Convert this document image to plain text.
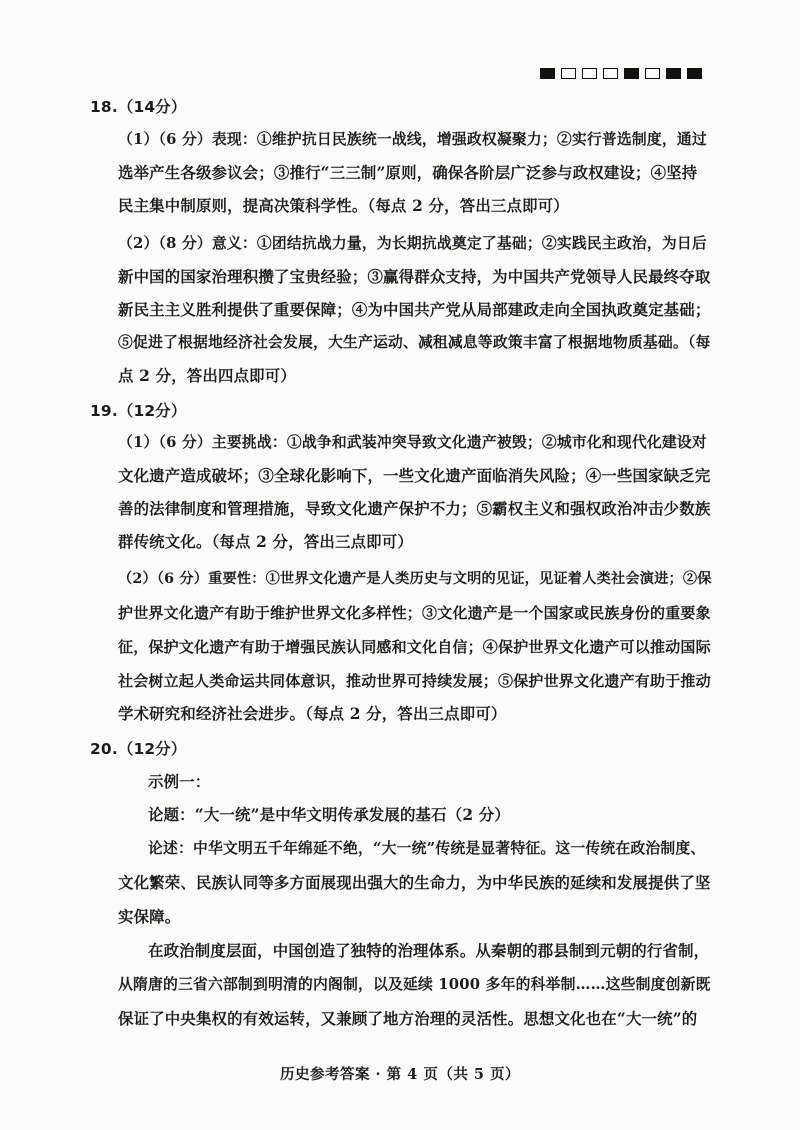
18.（14分）
（1）（6 分）表现：①维护抗日民族统一战线，增强政权凝聚力；②实行普选制度，通过
选举产生各级参议会；③推行“三三制”原则，确保各阶层广泛参与政权建设；④坚持
民主集中制原则，提高决策科学性。（每点 2 分，答出三点即可）
（2）（8 分）意义：①团结抗战力量，为长期抗战奠定了基础；②实践民主政治，为日后
新中国的国家治理积攒了宝贵经验；③赢得群众支持，为中国共产党领导人民最终夺取
新民主主义胜利提供了重要保障；④为中国共产党从局部建政走向全国执政奠定基础；
⑤促进了根据地经济社会发展，大生产运动、减租减息等政策丰富了根据地物质基础。（每
点 2 分，答出四点即可）
19.（12分）
（1）（6 分）主要挑战：①战争和武装冲突导致文化遗产被毁；②城市化和现代化建设对
文化遗产造成破坏；③全球化影响下，一些文化遗产面临消失风险；④一些国家缺乏完
善的法律制度和管理措施，导致文化遗产保护不力；⑤霸权主义和强权政治冲击少数族
群传统文化。（每点 2 分，答出三点即可）
（2）（6 分）重要性：①世界文化遗产是人类历史与文明的见证，见证着人类社会演进；②保
护世界文化遗产有助于维护世界文化多样性；③文化遗产是一个国家或民族身份的重要象
征，保护文化遗产有助于增强民族认同感和文化自信；④保护世界文化遗产可以推动国际
社会树立起人类命运共同体意识，推动世界可持续发展；⑤保护世界文化遗产有助于推动
学术研究和经济社会进步。（每点 2 分，答出三点即可）
20.（12分）
示例一：
论题：“大一统”是中华文明传承发展的基石（2 分）
论述：中华文明五千年绵延不绝，“大一统”传统是显著特征。这一传统在政治制度、
文化繁荣、民族认同等多方面展现出强大的生命力，为中华民族的延续和发展提供了坚
实保障。
在政治制度层面，中国创造了独特的治理体系。从秦朝的郡县制到元朝的行省制，
从隋唐的三省六部制到明清的内阁制，以及延续 1000 多年的科举制……这些制度创新既
保证了中央集权的有效运转，又兼顾了地方治理的灵活性。思想文化也在“大一统”的
历史参考答案 · 第 4 页（共 5 页）
